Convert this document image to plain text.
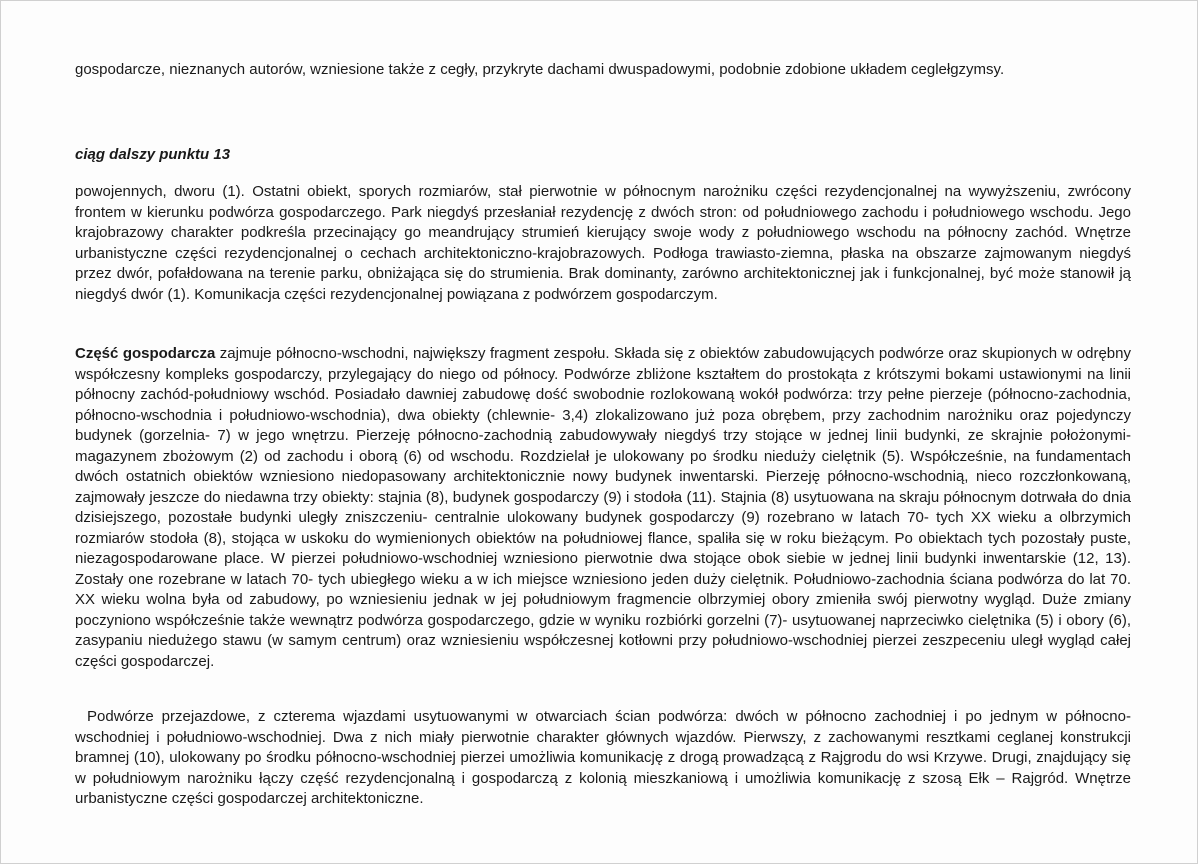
gospodarcze, nieznanych autorów, wzniesione także z cegły, przykryte dachami dwuspadowymi, podobnie zdobione układem ceglełgzymsy.

ciąg dalszy punktu 13

powojennych, dworu (1). Ostatni obiekt, sporych rozmiarów, stał pierwotnie w północnym narożniku części rezydencjonalnej na wywyższeniu, zwrócony frontem w kierunku podwórza gospodarczego. Park niegdyś przesłaniał rezydencję z dwóch stron: od południowego zachodu i południowego wschodu. Jego krajobrazowy charakter podkreśla przecinający go meandrujący strumień kierujący swoje wody z południowego wschodu na północny zachód. Wnętrze urbanistyczne części rezydencjonalnej o cechach architektoniczno-krajobrazowych. Podłoga trawiasto-ziemna, płaska na obszarze zajmowanym niegdyś przez dwór, pofałdowana na terenie parku, obniżająca się do strumienia. Brak dominanty, zarówno architektonicznej jak i funkcjonalnej, być może stanowił ją niegdyś dwór (1). Komunikacja części rezydencjonalnej powiązana z podwórzem gospodarczym.

Część gospodarcza zajmuje północno-wschodni, największy fragment zespołu. Składa się z obiektów zabudowujących podwórze oraz skupionych w odrębny współczesny kompleks gospodarczy, przylegający do niego od północy. Podwórze zbliżone kształtem do prostokąta z krótszymi bokami ustawionymi na linii północny zachód-południowy wschód. Posiadało dawniej zabudowę dość swobodnie rozlokowaną wokół podwórza: trzy pełne pierzeje (północno-zachodnia, północno-wschodnia i południowo-wschodnia), dwa obiekty (chlewnie- 3,4) zlokalizowano już poza obrębem, przy zachodnim narożniku oraz pojedynczy budynek (gorzelnia- 7) w jego wnętrzu. Pierzeję północno-zachodnią zabudowywały niegdyś trzy stojące w jednej linii budynki, ze skrajnie położonymi- magazynem zbożowym (2) od zachodu i oborą (6) od wschodu. Rozdzielał je ulokowany po środku nieduży cielętnik (5). Współcześnie, na fundamentach dwóch ostatnich obiektów wzniesiono niedopasowany architektonicznie nowy budynek inwentarski. Pierzeję północno-wschodnią, nieco rozczłonkowaną, zajmowały jeszcze do niedawna trzy obiekty: stajnia (8), budynek gospodarczy (9) i stodoła (11). Stajnia (8) usytuowana na skraju północnym dotrwała do dnia dzisiejszego, pozostałe budynki uległy zniszczeniu- centralnie ulokowany budynek gospodarczy (9) rozebrano w latach 70- tych XX wieku a olbrzymich rozmiarów stodoła (8), stojąca w uskoku do wymienionych obiektów na południowej flance, spaliła się w roku bieżącym. Po obiektach tych pozostały puste, niezagospodarowane place. W pierzei południowo-wschodniej wzniesiono pierwotnie dwa stojące obok siebie w jednej linii budynki inwentarskie (12, 13). Zostały one rozebrane w latach 70- tych ubiegłego wieku a w ich miejsce wzniesiono jeden duży cielętnik. Południowo-zachodnia ściana podwórza do lat 70. XX wieku wolna była od zabudowy, po wzniesieniu jednak w jej południowym fragmencie olbrzymiej obory zmieniła swój pierwotny wygląd. Duże zmiany poczyniono współcześnie także wewnątrz podwórza gospodarczego, gdzie w wyniku rozbiórki gorzelni (7)- usytuowanej naprzeciwko cielętnika (5) i obory (6), zasypaniu niedużego stawu (w samym centrum) oraz wzniesieniu współczesnej kotłowni przy południowo-wschodniej pierzei zeszpeceniu uległ wygląd całej części gospodarczej.

Podwórze przejazdowe, z czterema wjazdami usytuowanymi w otwarciach ścian podwórza: dwóch w północno zachodniej i po jednym w północno-wschodniej i południowo-wschodniej. Dwa z nich miały pierwotnie charakter głównych wjazdów. Pierwszy, z zachowanymi resztkami ceglanej konstrukcji bramnej (10), ulokowany po środku północno-wschodniej pierzei umożliwia komunikację z drogą prowadzącą z Rajgrodu do wsi Krzywe. Drugi, znajdujący się w południowym narożniku łączy część rezydencjonalną i gospodarczą z kolonią mieszkaniową i umożliwia komunikację z szosą Ełk – Rajgród. Wnętrze urbanistyczne części gospodarczej architektoniczne.
